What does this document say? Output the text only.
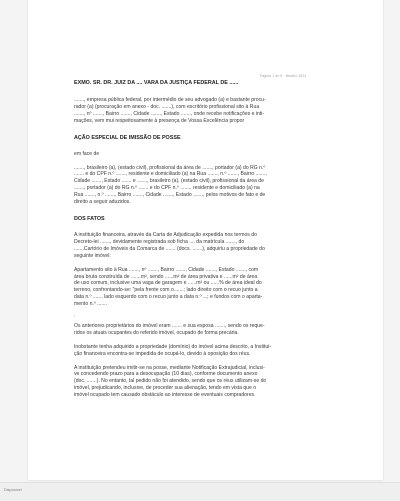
Página 1 de 5 · Modelo 2024
EXMO. SR. DR. JUIZ DA .... VARA DA JUSTIÇA FEDERAL DE ......
......., empresa pública federal, por intermédio de seu advogado (a) e bastante procu-
rador (a) (procuração em anexo - doc. .......), com escritório profissional sito à Rua
......., nº ......., Bairro ......., Cidade ......., Estado ......., onde recebe notificações e inti-
mações, vem mui respeitosamente à presença de Vossa Excelência propor
AÇÃO ESPECIAL DE IMISSÃO DE POSSE
em face de
......., brasileiro (a), (estado civil), profissional da área de ......., portador (a) do RG n.º
....... e do CPF n.º ......., residente e domiciliado (a) na Rua ......., n.º ......., Bairro .......,
Cidade ......., Estado ....... e ......., brasileiro (a), (estado civil), profissional da área de
......., portador (a) do RG n.º ....... e do CPF n.º ......., residente e domiciliado (a) na
Rua ......., n.º ......., Bairro ......., Cidade ......., Estado ......., pelos motivos de fato e de
direito a seguir aduzidos.
DOS FATOS
A instituição financeira, através da Carta de Adjudicação expedida nos termos do
Decreto-lei ......., devidamente registrada sob ficha .... da matrícula ......., do
.......Cartório de Imóveis da Comarca de ....... (docs. .......), adquiriu a propriedade do
seguinte imóvel:
Apartamento sito à Rua ......., nº ......., Bairro ......., Cidade ......., Estado ......., com
área bruta construída de .......m², sendo ......m² de área privativa e ......m² de área
de uso comum, inclusive uma vaga de garagem e ......m² ou ......% de área ideal do
terreno, confrontando-se: "pela frente com o.......; lado direito com o recuo junto a
data n.º ......, lado esquerdo com o recuo junto a data n.º ...; e fundos com o aparta-
mento n.º .......
.
Os anteriores proprietários do imóvel eram ....... e sua esposa ......., sendo os reque-
ridos os atuais ocupantes do referido imóvel, ocupado de forma precária.
Inobstante tenha adquirido a propriedade (domínio) do imóvel acima descrito, a Institui-
ção financeira encontra-se impedida de ocupá-lo, devido à oposição dos réus.
A instituição pretendeu imitir-se na posse, mediante Notificação Extrajudicial, inclusi-
ve concedendo prazo para a desocupação (10 dias), conforme documento anexo
(doc. .......). No entanto, tal pedido não foi atendido, sendo que os réus utilizam-se do
imóvel, prejudicando, inclusive, de proceder sua alienação, tendo em vista que o
imóvel ocupado tem causado obstáculo ao interesse de eventuais compradores.
Disponível
